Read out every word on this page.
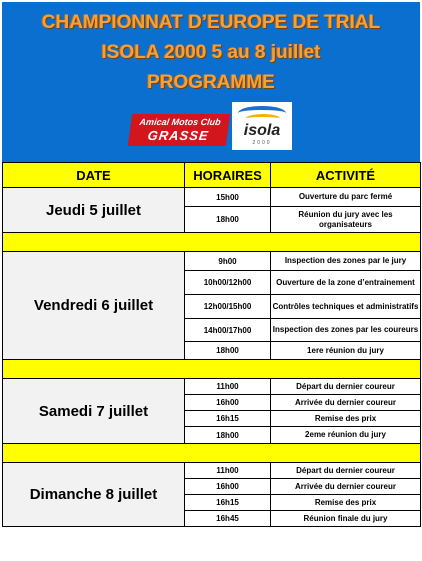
CHAMPIONNAT D’EUROPE DE TRIAL
ISOLA 2000 5 au 8 juillet
PROGRAMME
Amical Motos Club
GRASSE	isola
2000
DATE	HORAIRES	ACTIVITÉ
Jeudi 5 juillet	15h00	Ouverture du parc fermé
	18h00	Réunion du jury avec les organisateurs

Vendredi 6 juillet	9h00	Inspection des zones par le jury
	10h00/12h00	Ouverture de la zone d’entrainement
	12h00/15h00	Contrôles techniques et administratifs
	14h00/17h00	Inspection des zones par les coureurs
	18h00	1ere réunion du jury

Samedi 7 juillet	11h00	Départ du dernier coureur
	16h00	Arrivée du dernier coureur
	16h15	Remise des prix
	18h00	2eme réunion du jury

Dimanche 8 juillet	11h00	Départ du dernier coureur
	16h00	Arrivée du dernier coureur
	16h15	Remise des prix
	16h45	Réunion finale du jury
